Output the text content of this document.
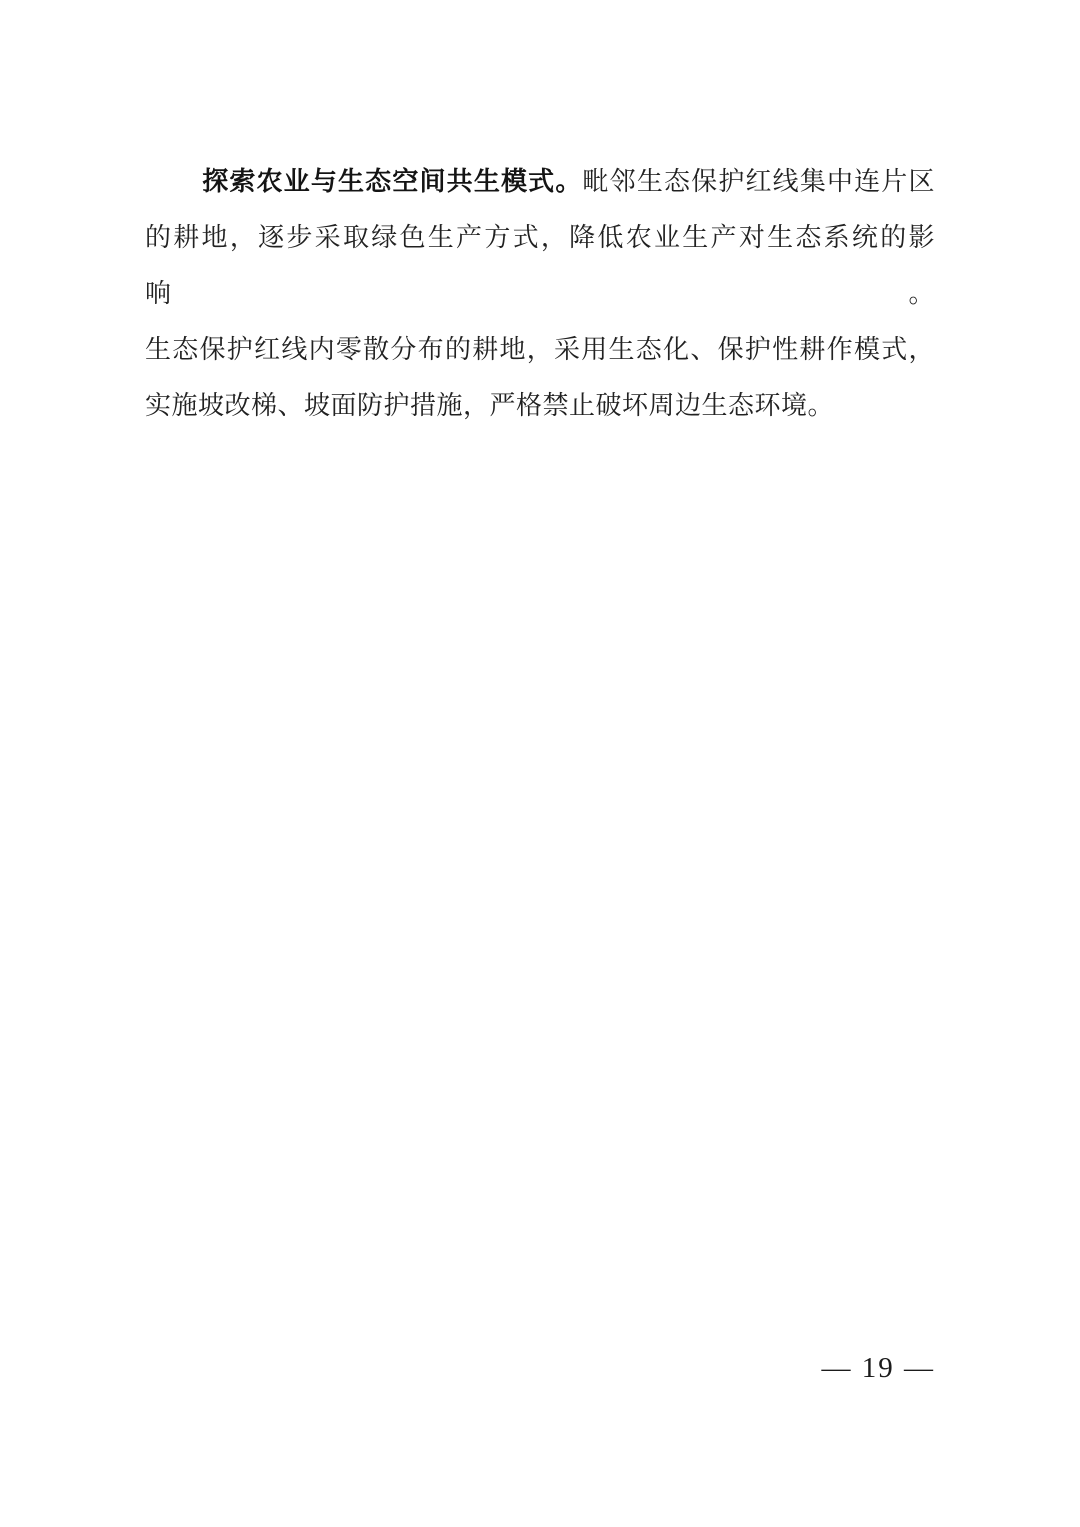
探索农业与生态空间共生模式。毗邻生态保护红线集中连片区
的耕地，逐步采取绿色生产方式，降低农业生产对生态系统的影响。
生态保护红线内零散分布的耕地，采用生态化、保护性耕作模式，
实施坡改梯、坡面防护措施，严格禁止破坏周边生态环境。
— 19 —
